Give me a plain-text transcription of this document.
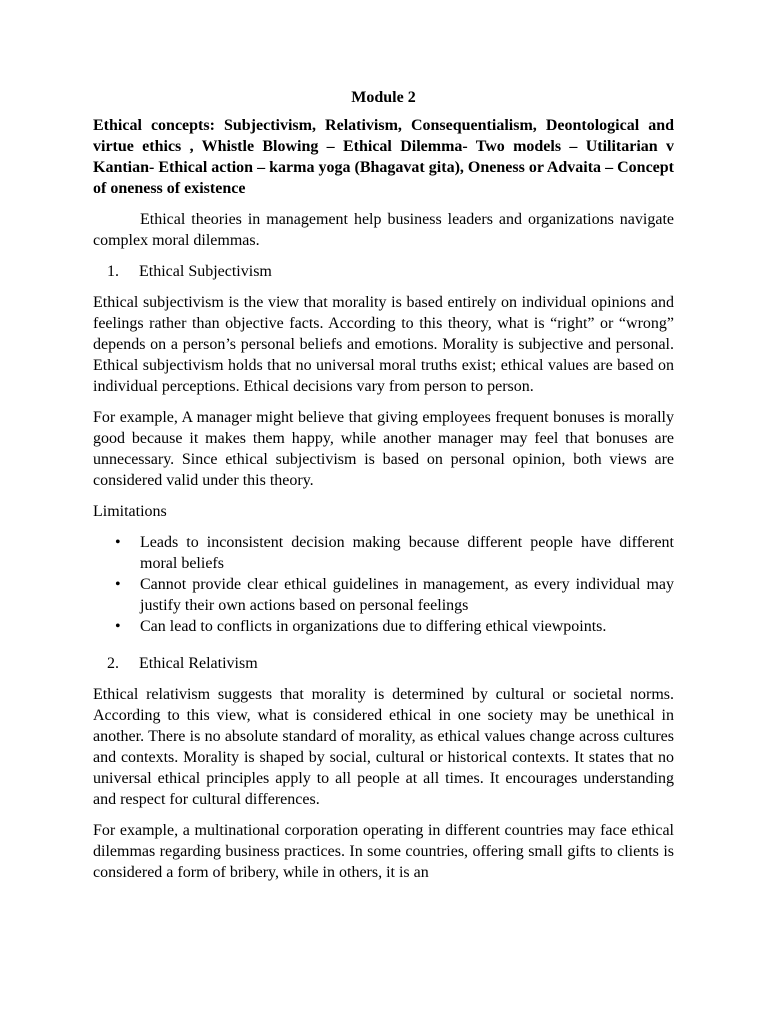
Module 2
Ethical concepts: Subjectivism, Relativism, Consequentialism, Deontological and virtue ethics , Whistle Blowing – Ethical Dilemma- Two models – Utilitarian v Kantian- Ethical action – karma yoga (Bhagavat gita), Oneness or Advaita – Concept of oneness of existence

Ethical theories in management help business leaders and organizations navigate complex moral dilemmas.

1.	Ethical Subjectivism

Ethical subjectivism is the view that morality is based entirely on individual opinions and feelings rather than objective facts. According to this theory, what is “right” or “wrong” depends on a person’s personal beliefs and emotions. Morality is subjective and personal. Ethical subjectivism holds that no universal moral truths exist; ethical values are based on individual perceptions. Ethical decisions vary from person to person.

For example, A manager might believe that giving employees frequent bonuses is morally good because it makes them happy, while another manager may feel that bonuses are unnecessary. Since ethical subjectivism is based on personal opinion, both views are considered valid under this theory.

Limitations

•	Leads to inconsistent decision making because different people have different moral beliefs
•	Cannot provide clear ethical guidelines in management, as every individual may justify their own actions based on personal feelings
•	Can lead to conflicts in organizations due to differing ethical viewpoints.
2.	Ethical Relativism

Ethical relativism suggests that morality is determined by cultural or societal norms. According to this view, what is considered ethical in one society may be unethical in another. There is no absolute standard of morality, as ethical values change across cultures and contexts. Morality is shaped by social, cultural or historical contexts. It states that no universal ethical principles apply to all people at all times. It encourages understanding and respect for cultural differences.

For example, a multinational corporation operating in different countries may face ethical dilemmas regarding business practices. In some countries, offering small gifts to clients is considered a form of bribery, while in others, it is an
